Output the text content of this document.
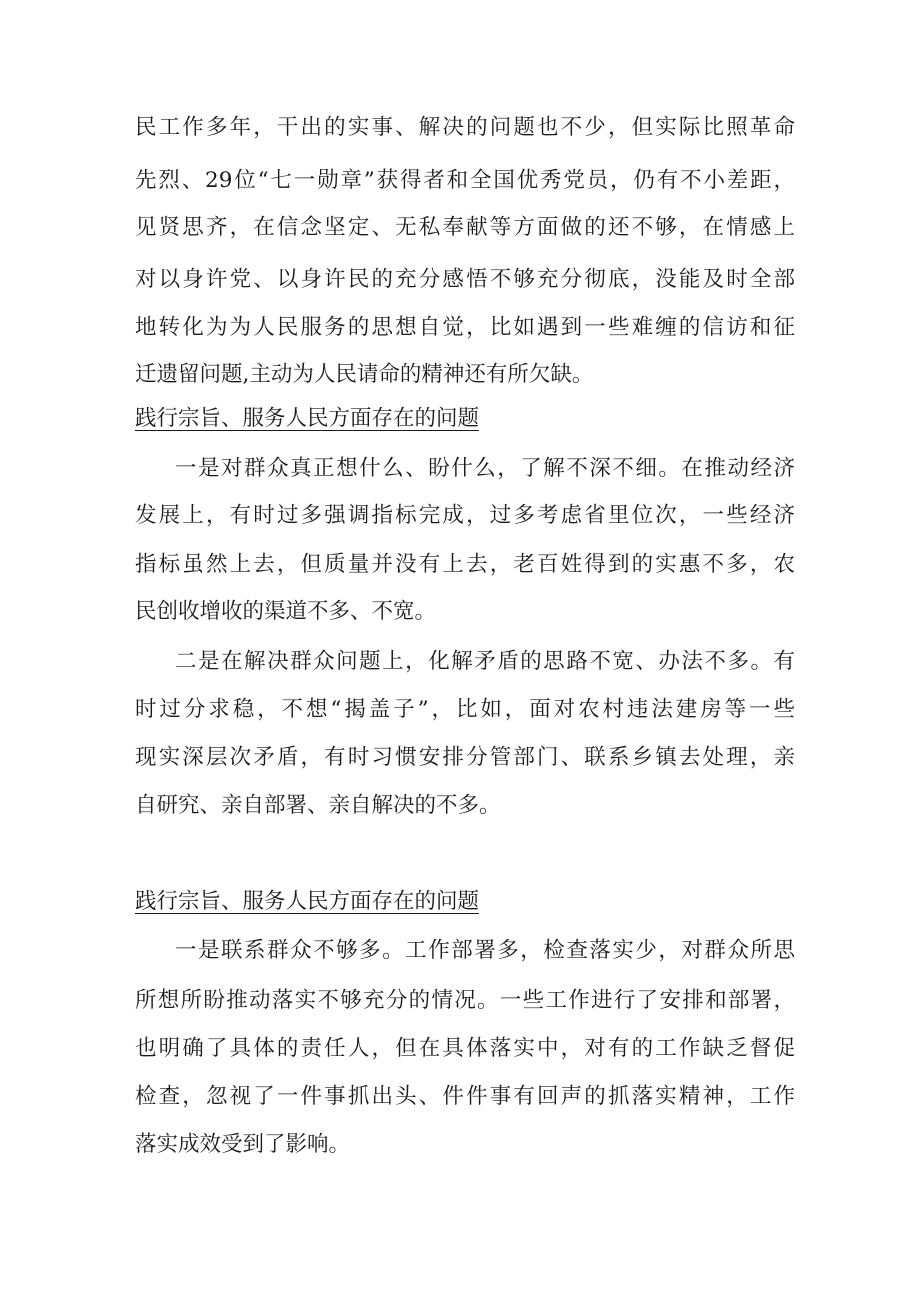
民工作多年，干出的实事、解决的问题也不少，但实际比照革命
先烈、29位“七一勋章”获得者和全国优秀党员，仍有不小差距，
见贤思齐，在信念坚定、无私奉献等方面做的还不够，在情感上
对以身许党、以身许民的充分感悟不够充分彻底，没能及时全部
地转化为为人民服务的思想自觉，比如遇到一些难缠的信访和征
迁遗留问题,主动为人民请命的精神还有所欠缺。
践行宗旨、服务人民方面存在的问题
一是对群众真正想什么、盼什么，了解不深不细。在推动经济
发展上，有时过多强调指标完成，过多考虑省里位次，一些经济
指标虽然上去，但质量并没有上去，老百姓得到的实惠不多，农
民创收增收的渠道不多、不宽。
二是在解决群众问题上，化解矛盾的思路不宽、办法不多。有
时过分求稳，不想“揭盖子”，比如，面对农村违法建房等一些
现实深层次矛盾，有时习惯安排分管部门、联系乡镇去处理，亲
自研究、亲自部署、亲自解决的不多。
践行宗旨、服务人民方面存在的问题
一是联系群众不够多。工作部署多，检查落实少，对群众所思
所想所盼推动落实不够充分的情况。一些工作进行了安排和部署，
也明确了具体的责任人，但在具体落实中，对有的工作缺乏督促
检查，忽视了一件事抓出头、件件事有回声的抓落实精神，工作
落实成效受到了影响。
